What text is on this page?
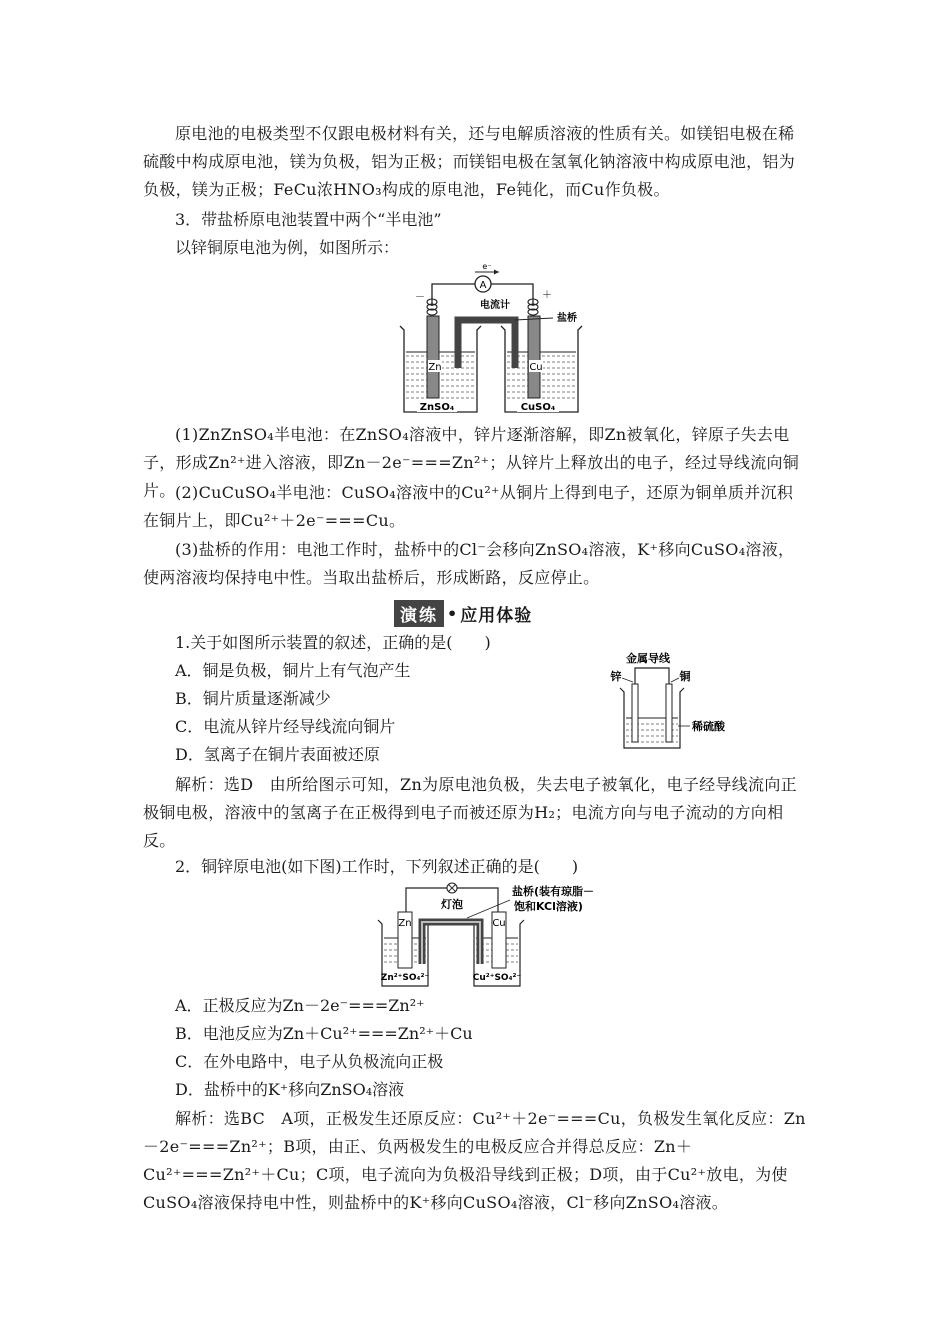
原电池的电极类型不仅跟电极材料有关，还与电解质溶液的性质有关。如镁铝电极在稀硫酸中构成原电池，镁为负极，铝为正极；而镁铝电极在氢氧化钠溶液中构成原电池，铝为负极，镁为正极；FeCu浓HNO₃构成的原电池，Fe钝化，而Cu作负极。

3．带盐桥原电池装置中两个“半电池”

以锌铜原电池为例，如图所示：

A
e⁻
电流计
－	＋
Zn	Cu
盐桥
ZnSO₄	CuSO₄

(1)ZnZnSO₄半电池：在ZnSO₄溶液中，锌片逐渐溶解，即Zn被氧化，锌原子失去电子，形成Zn²⁺进入溶液，即Zn－2e⁻===Zn²⁺；从锌片上释放出的电子，经过导线流向铜片。 (2)CuCuSO₄半电池：CuSO₄溶液中的Cu²⁺从铜片上得到电子，还原为铜单质并沉积在铜片上，即Cu²⁺＋2e⁻===Cu。

(3)盐桥的作用：电池工作时，盐桥中的Cl⁻会移向ZnSO₄溶液，K⁺移向CuSO₄溶液，使两溶液均保持电中性。当取出盐桥后，形成断路，反应停止。

演练 • 应用体验

1.关于如图所示装置的叙述，正确的是(　　)

A．铜是负极，铜片上有气泡产生

B．铜片质量逐渐减少

C．电流从锌片经导线流向铜片

D．氢离子在铜片表面被还原

金属导线
锌	铜
稀硫酸

解析：选D　由所给图示可知，Zn为原电池负极，失去电子被氧化，电子经导线流向正极铜电极，溶液中的氢离子在正极得到电子而被还原为H₂；电流方向与电子流动的方向相反。

2．铜锌原电池(如下图)工作时，下列叙述正确的是(　　)

灯泡
盐桥(装有琼脂－
饱和KCl溶液)
Zn	Cu
Zn²⁺SO₄²⁻	Cu²⁺SO₄²⁻

A．正极反应为Zn－2e⁻===Zn²⁺

B．电池反应为Zn＋Cu²⁺===Zn²⁺＋Cu

C．在外电路中，电子从负极流向正极

D．盐桥中的K⁺移向ZnSO₄溶液

解析：选BC　A项，正极发生还原反应：Cu²⁺＋2e⁻===Cu，负极发生氧化反应：Zn－2e⁻===Zn²⁺；B项，由正、负两极发生的电极反应合并得总反应：Zn＋Cu²⁺===Zn²⁺＋Cu；C项，电子流向为负极沿导线到正极；D项，由于Cu²⁺放电，为使CuSO₄溶液保持电中性，则盐桥中的K⁺移向CuSO₄溶液，Cl⁻移向ZnSO₄溶液。
